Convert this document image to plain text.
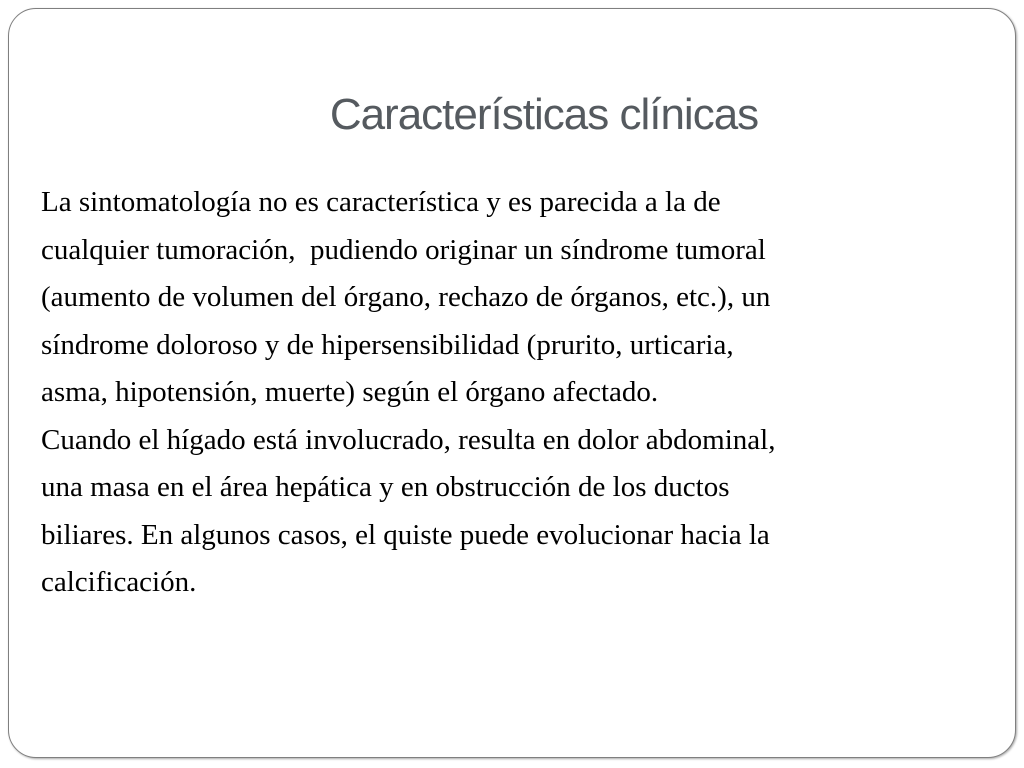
Características clínicas

La sintomatología no es característica y es parecida a la de
cualquier tumoración,  pudiendo originar un síndrome tumoral
(aumento de volumen del órgano, rechazo de órganos, etc.), un
síndrome doloroso y de hipersensibilidad (prurito, urticaria,
asma, hipotensión, muerte) según el órgano afectado.

Cuando el hígado está involucrado, resulta en dolor abdominal,
una masa en el área hepática y en obstrucción de los ductos
biliares. En algunos casos, el quiste puede evolucionar hacia la
calcificación.
